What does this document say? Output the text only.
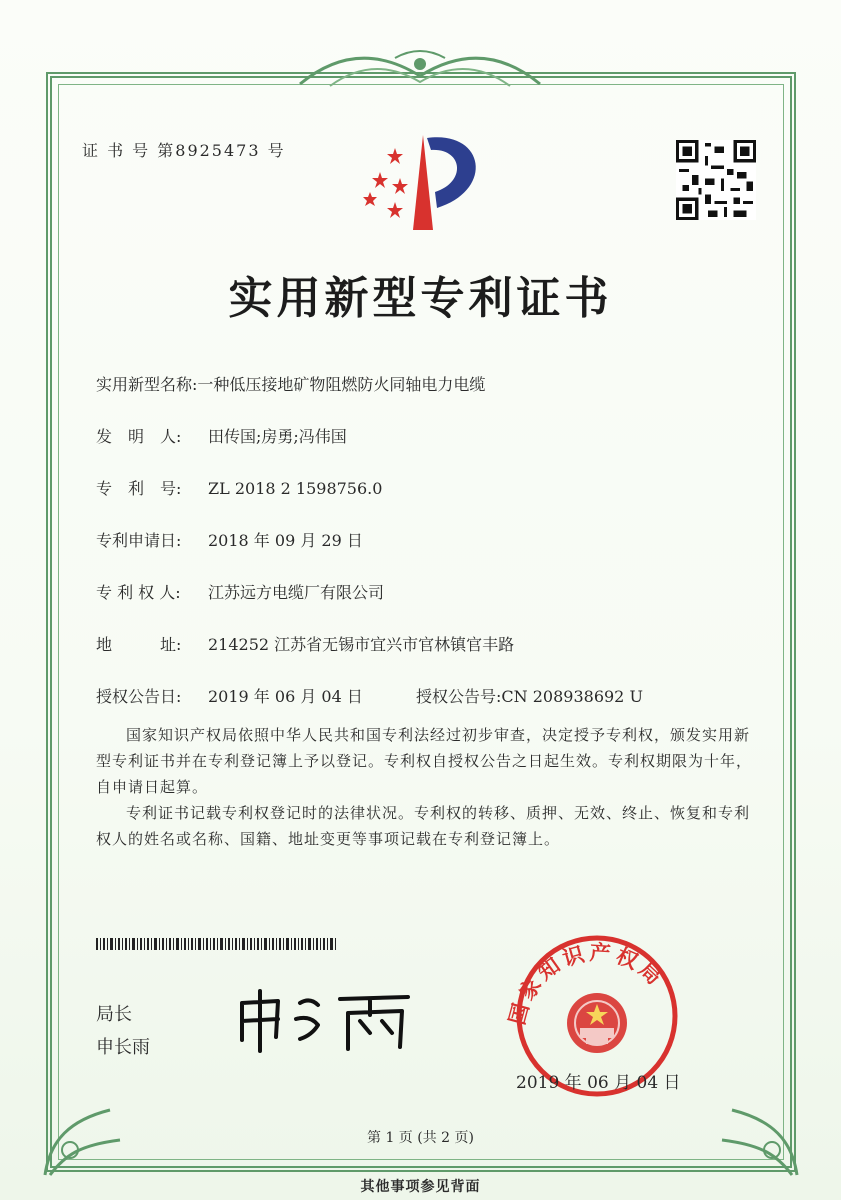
证 书 号 第8925473 号
实用新型专利证书
实用新型名称:一种低压接地矿物阻燃防火同轴电力电缆
发　明　人: 田传国;房勇;冯伟国
专　利　号: ZL 2018 2 1598756.0
专利申请日: 2018 年 09 月 29 日
专 利 权 人: 江苏远方电缆厂有限公司
地　　　址: 214252 江苏省无锡市宜兴市官林镇官丰路
授权公告日: 2019 年 06 月 04 日	授权公告号:CN 208938692 U
国家知识产权局依照中华人民共和国专利法经过初步审查，决定授予专利权，颁发实用新型专利证书并在专利登记簿上予以登记。专利权自授权公告之日起生效。专利权期限为十年，自申请日起算。
专利证书记载专利权登记时的法律状况。专利权的转移、质押、无效、终止、恢复和专利权人的姓名或名称、国籍、地址变更等事项记载在专利登记簿上。
局长
申长雨
国家知识产权局
2019 年 06 月 04 日
第 1 页 (共 2 页)
其他事项参见背面
